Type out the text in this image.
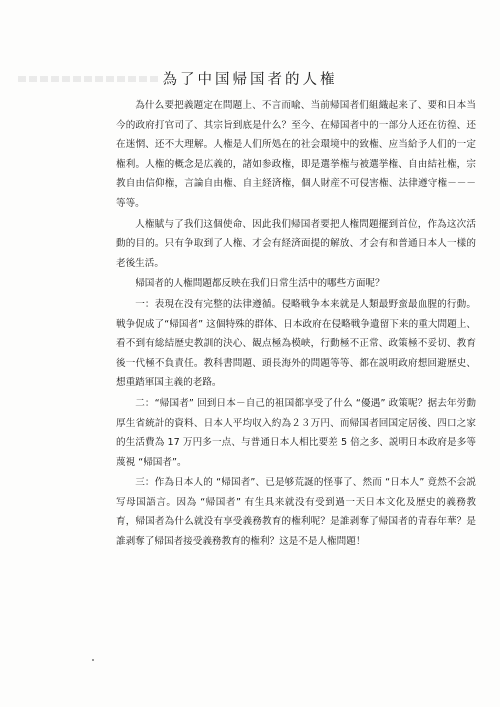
為了中国帰国者的人権

為什么要把義題定在問題上、不言而喩、当前帰国者们組織起来了、要和日本当今的政府打官司了、其宗旨到底是什么？至今、在帰国者中的一部分人还在彷徨、还在迷惘、还不大理解。人権是人们所処在的社会環境中的致権、应当給予人们的一定権利。人権的概念是広義的，諸如参政権，即是選挙権与被選挙権、自由結社権，宗教自由信仰権，言論自由権、自主経済権，個人財産不可侵害権、法律遵守権－－－等等。

人権賦与了我们这個使命、因此我们帰国者要把人権問題擺到首位，作為这次活動的目的。只有争取到了人権、才会有経済面提的解放、才会有和普通日本人一樣的老後生活。

帰国者的人権問題都反映在我们日常生活中的哪些方面呢？

一：表現在没有完整的法律遵循。侵略戦争本来就是人類最野蛮最血腥的行動。戦争促成了“帰国者” 这個特殊的群体、日本政府在侵略戦争遺留下来的重大問題上、看不到有総結歴史教訓的決心、観点極為模峡，行動極不正常、政策極不妥切、教育後一代極不負責任。教科書問題、頭長海外的問題等等、都在説明政府想回避歴史、想重踏軍国主義的老路。

二：“帰国者” 回到日本－自己的祖国都享受了什么 “優遇” 政策呢？据去年労動厚生省統計的資料、日本人平均収入約為２３万円、而帰国者回国定居後、四口之家的生活費為 17 万円多一点、与普通日本人相比要差 5 倍之多、説明日本政府是多等蔑視 “帰国者”。

三：作為日本人的 “帰国者”、已是够荒誕的怪事了、然而 “日本人” 竟然不会説写母国語言。因為 “帰国者” 有生具来就没有受到過一天日本文化及歴史的義務教育，帰国者為什么就没有享受義務教育的権利呢？是誰剥奪了帰国者的青春年華？是誰剥奪了帰国者接受義務教育的権利？这是不是人権問題！
